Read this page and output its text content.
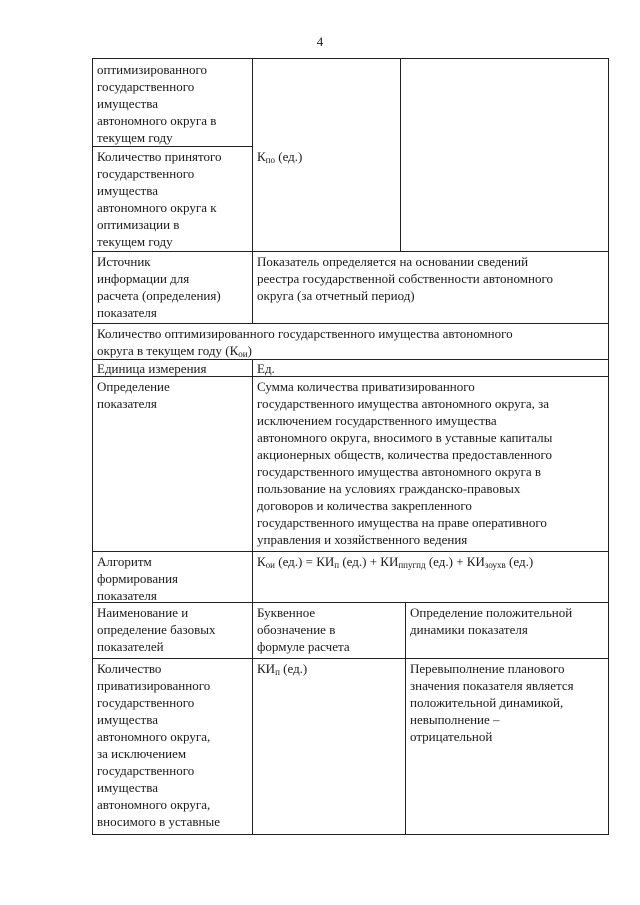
4
оптимизированного
государственного
имущества
автономного округа в
текущем году
Количество принятого
государственного
имущества
автономного округа к
оптимизации в
текущем году
$К_{по}$ (ед.)
Источник
информации для
расчета (определения)
показателя
Показатель определяется на основании сведений
реестра государственной собственности автономного
округа (за отчетный период)
Количество оптимизированного государственного имущества автономного
округа в текущем году $(К_{ои})$
Единица измерения	Ед.
Определение
показателя
Сумма количества приватизированного
государственного имущества автономного округа, за
исключением государственного имущества
автономного округа, вносимого в уставные капиталы
акционерных обществ, количества предоставленного
государственного имущества автономного округа в
пользование на условиях гражданско-правовых
договоров и количества закрепленного
государственного имущества на праве оперативного
управления и хозяйственного ведения
Алгоритм
формирования
показателя
$К_{ои}$ $(ед.) = КИ_п$ $(ед.) + КИ_{ппугпд}$ $(ед.) + КИ_{зоухв}$ (ед.)
Наименование и
определение базовых
показателей
Буквенное
обозначение в
формуле расчета
Определение положительной
динамики показателя
Количество
приватизированного
государственного
имущества
автономного округа,
за исключением
государственного
имущества
автономного округа,
вносимого в уставные
$КИ_п$ (ед.)	Перевыполнение планового
значения показателя является
положительной динамикой,
невыполнение –
отрицательной
